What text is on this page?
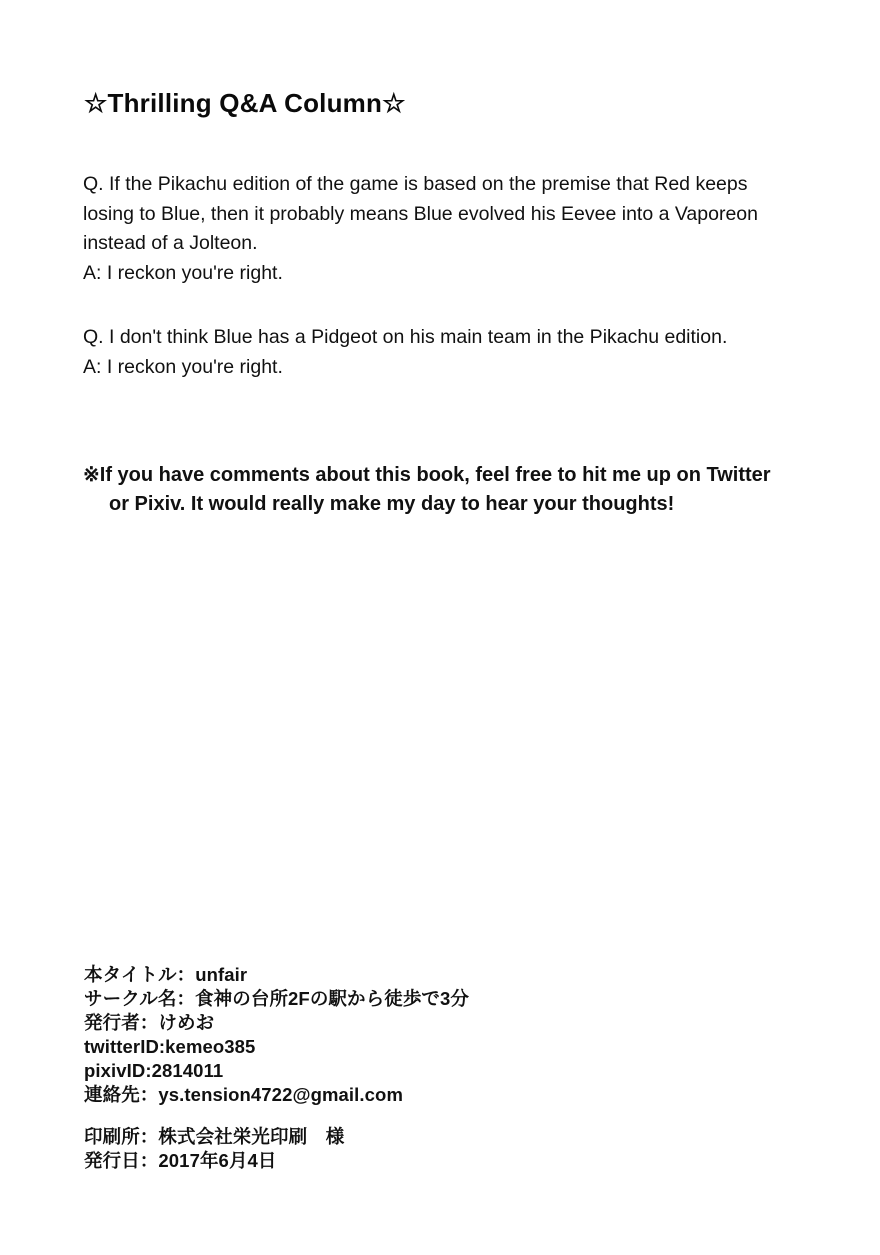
☆Thrilling Q&A Column☆

Q. If the Pikachu edition of the game is based on the premise that Red keeps losing to Blue, then it probably means Blue evolved his Eevee into a Vaporeon instead of a Jolteon.

A: I reckon you're right.

Q. I don't think Blue has a Pidgeot on his main team in the Pikachu edition.

A: I reckon you're right.

※If you have comments about this book, feel free to hit me up on Twitter or Pixiv. It would really make my day to hear your thoughts!
本タイトル：unfair
サークル名：食神の台所2Fの駅から徒歩で3分
発行者：けめお
twitterID:kemeo385
pixivID:2814011
連絡先：ys.tension4722@gmail.com
印刷所：株式会社栄光印刷　様
発行日：2017年6月4日
